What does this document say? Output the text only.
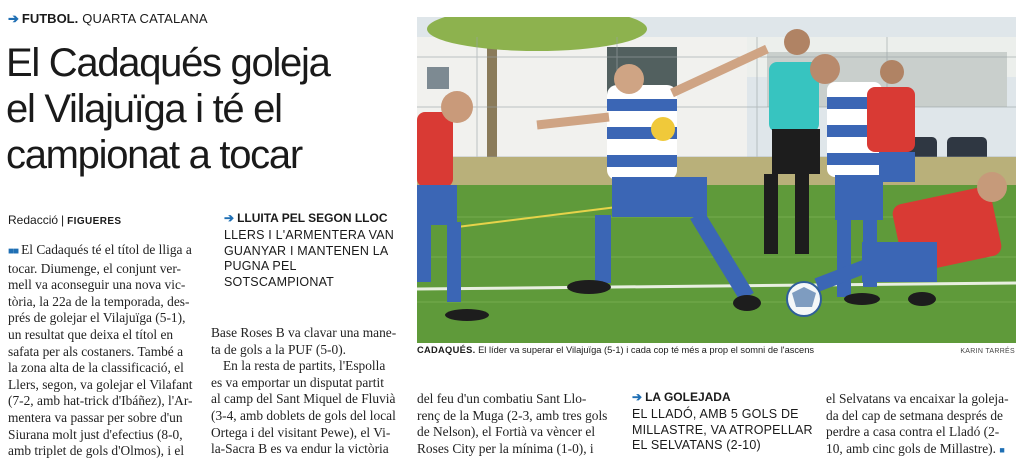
➔ FUTBOL. QUARTA CATALANA
El Cadaqués goleja
el Vilajuïga i té el
campionat a tocar
Redacció | FIGUERES

■■ El Cadaqués té el títol de lliga a

tocar. Diumenge, el conjunt ver-

mell va aconseguir una nova vic-

tòria, la 22a de la temporada, des-

prés de golejar el Vilajuïga (5-1),

un resultat que deixa el títol en

safata per als costaners. També a

la zona alta de la classificació, el

Llers, segon, va golejar el Vilafant

(7-2, amb hat-trick d'Ibáñez), l'Ar-

mentera va passar per sobre d'un

Siurana molt just d'efectius (8-0,

amb triplet de gols d'Olmos), i el

➔ LLUITA PEL SEGON LLOC
LLERS I L'ARMENTERA VAN
GUANYAR I MANTENEN LA
PUGNA PEL SOTSCAMPIONAT

Base Roses B va clavar una mane-

ta de gols a la PUF (5-0).

En la resta de partits, l'Espolla

es va emportar un disputat partit

al camp del Sant Miquel de Fluvià

(3-4, amb doblets de gols del local

Ortega i del visitant Pewe), el Vi-

la-Sacra B es va endur la victòria

CADAQUÉS. El líder va superar el Vilajuïga (5-1) i cada cop té més a prop el somni de l'ascens	KARIN TARRÉS

del feu d'un combatiu Sant Llo-

renç de la Muga (2-3, amb tres gols

de Nelson), el Fortià va vèncer el

Roses City per la mínima (1-0), i

➔ LA GOLEJADA
EL LLADÓ, AMB 5 GOLS DE
MILLASTRE, VA ATROPELLAR
EL SELVATANS (2-10)

el Selvatans va encaixar la goleja-

da del cap de setmana després de

perdre a casa contra el Lladó (2-

10, amb cinc gols de Millastre). ■
